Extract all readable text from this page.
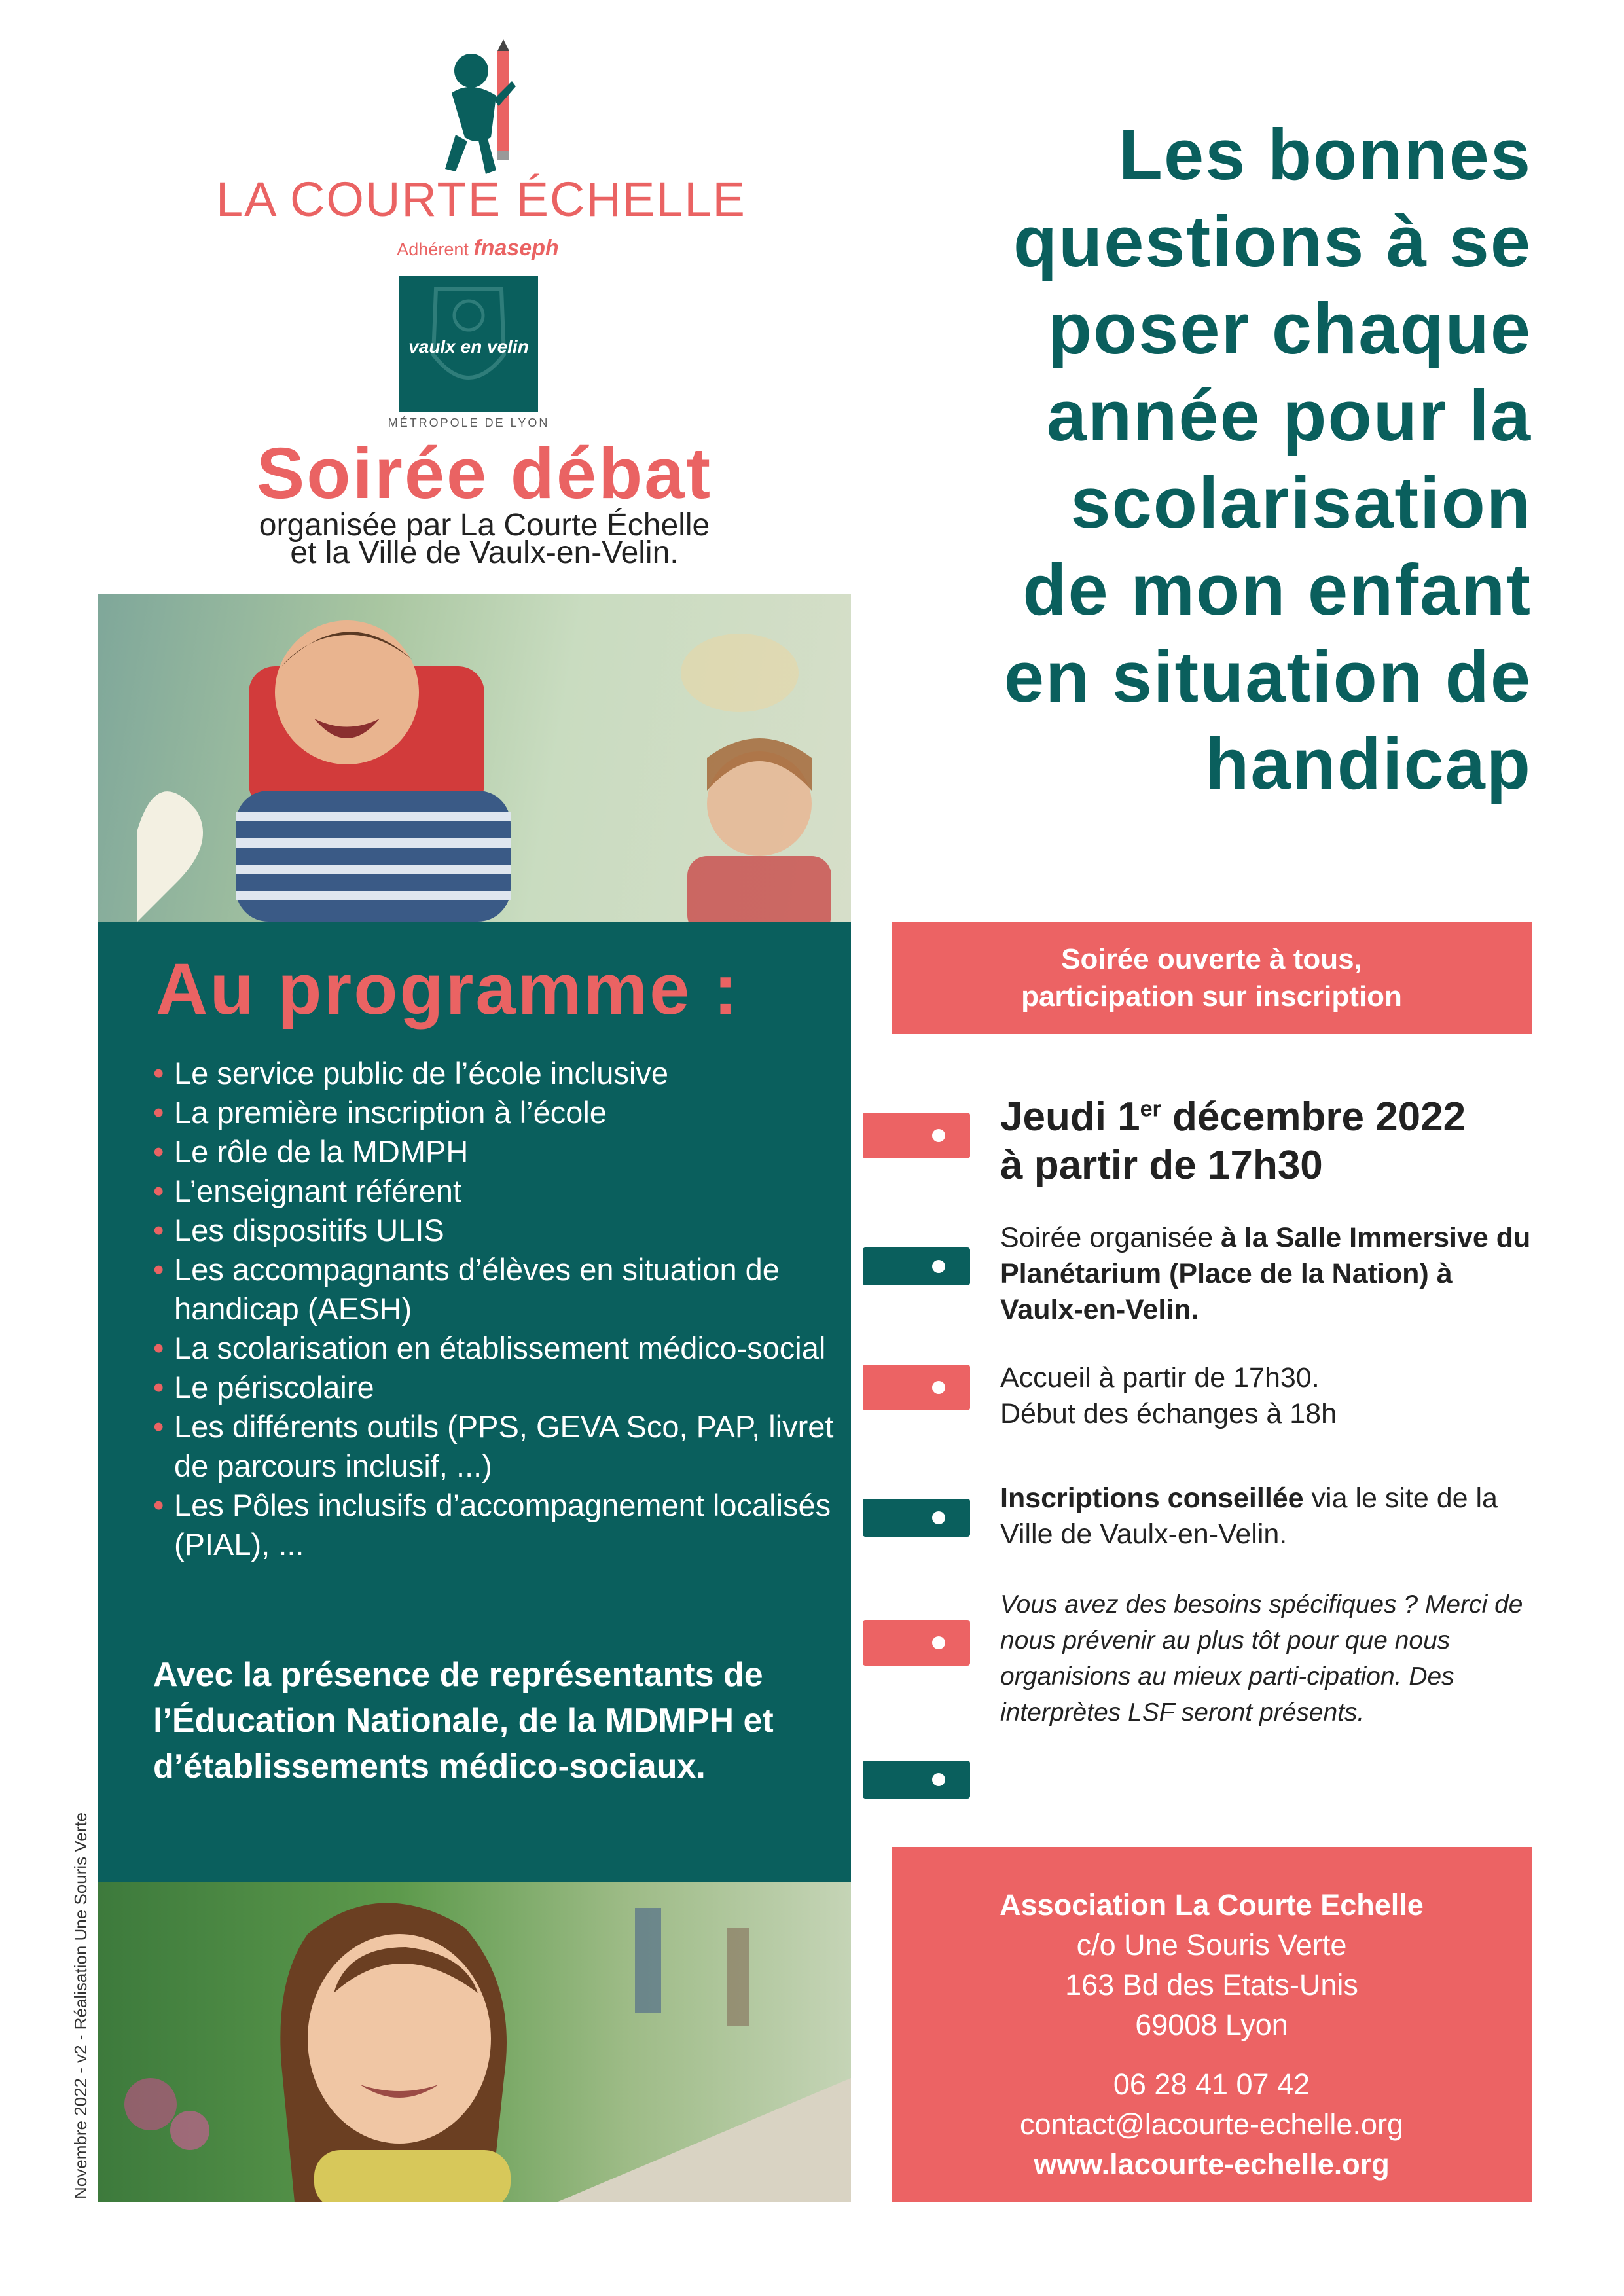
LA COURTE ÉCHELLE
Adhérent fnaseph
vaulx en velin
MÉTROPOLE DE LYON
Soirée débat
organisée par La Courte Échelle
et la Ville de Vaulx-en-Velin.
Les bonnes
questions à se
poser chaque
année pour la
scolarisation
de mon enfant
en situation de
handicap
Au programme :
• Le service public de l’école inclusive
• La première inscription à l’école
• Le rôle de la MDMPH
• L’enseignant référent
• Les dispositifs ULIS
• Les accompagnants d’élèves en situation de handicap (AESH)
• La scolarisation en établissement médico-social
• Le périscolaire
• Les différents outils (PPS, GEVA Sco, PAP, livret de parcours inclusif, ...)
• Les Pôles inclusifs d’accompagnement localisés (PIAL), ...
Avec la présence de représentants de l’Éducation Nationale, de la MDMPH et d’établissements médico-sociaux.
Soirée ouverte à tous,
participation sur inscription
Jeudi 1er décembre 2022
à partir de 17h30
Soirée organisée à la Salle Immersive du Planétarium (Place de la Nation) à Vaulx-en-Velin.
Accueil à partir de 17h30.
Début des échanges à 18h
Inscriptions conseillée via le site de la Ville de Vaulx-en-Velin.
Vous avez des besoins spécifiques ? Merci de nous prévenir au plus tôt pour que nous organisions au mieux parti-cipation. Des interprètes LSF seront présents.
Association La Courte Echelle
c/o Une Souris Verte
163 Bd des Etats-Unis
69008 Lyon
06 28 41 07 42
contact@lacourte-echelle.org
www.lacourte-echelle.org
Novembre 2022 - v2 - Réalisation Une Souris Verte
